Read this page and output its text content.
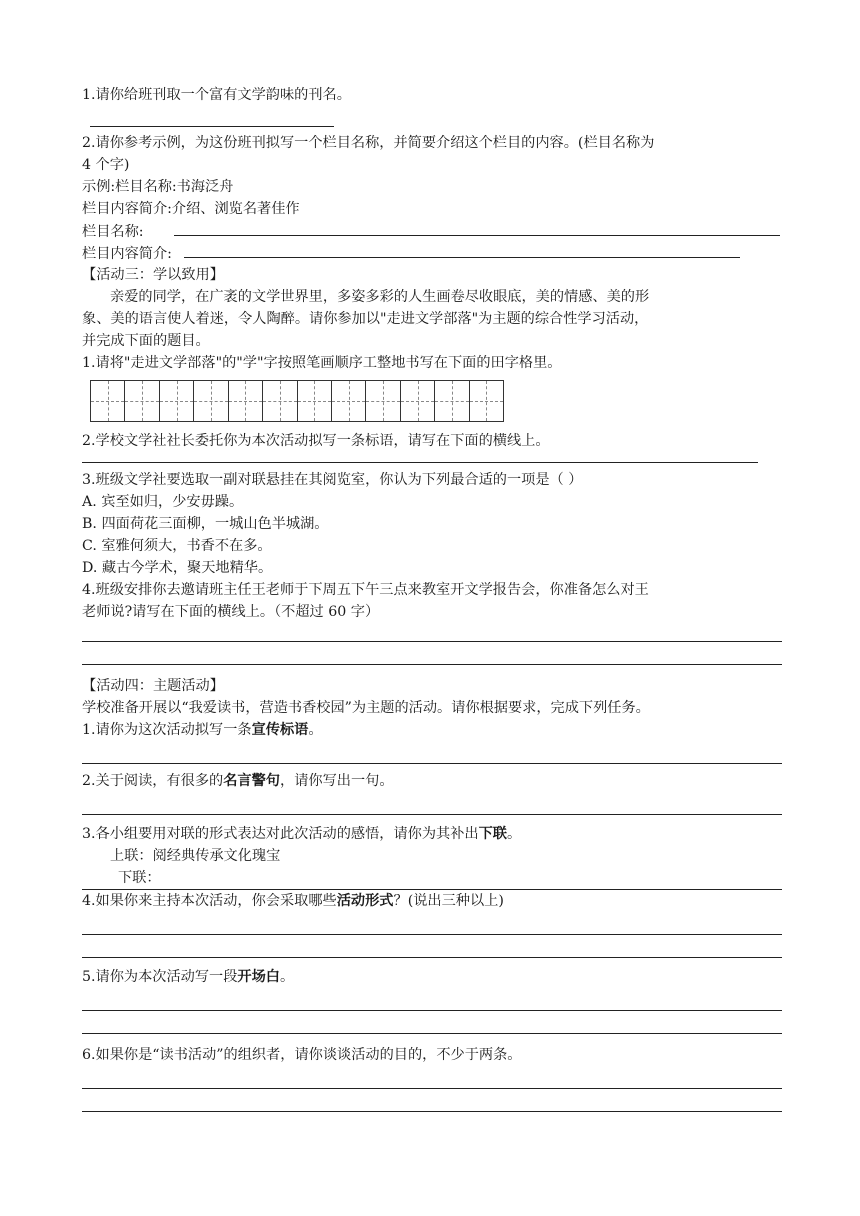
1.请你给班刊取一个富有文学韵味的刊名。
2.请你参考示例，为这份班刊拟写一个栏目名称，并简要介绍这个栏目的内容。(栏目名称为
4 个字)
示例:栏目名称:书海泛舟
栏目内容简介:介绍、浏览名著佳作
栏目名称:
栏目内容简介:
【活动三：学以致用】
亲爱的同学，在广袤的文学世界里，多姿多彩的人生画卷尽收眼底，美的情感、美的形
象、美的语言使人着迷，令人陶醉。请你参加以"走进文学部落"为主题的综合性学习活动，
并完成下面的题目。
1.请将"走进文学部落"的"学"字按照笔画顺序工整地书写在下面的田字格里。
2.学校文学社社长委托你为本次活动拟写一条标语，请写在下面的横线上。
3.班级文学社要选取一副对联悬挂在其阅览室，你认为下列最合适的一项是（ ）
A. 宾至如归，少安毋躁。
B. 四面荷花三面柳，一城山色半城湖。
C. 室雅何须大，书香不在多。
D. 藏古今学术，聚天地精华。
4.班级安排你去邀请班主任王老师于下周五下午三点来教室开文学报告会，你准备怎么对王
老师说?请写在下面的横线上。（不超过 60 字）
【活动四：主题活动】
学校准备开展以“我爱读书，营造书香校园”为主题的活动。请你根据要求，完成下列任务。
1.请你为这次活动拟写一条宣传标语。
2.关于阅读，有很多的名言警句，请你写出一句。
3.各小组要用对联的形式表达对此次活动的感悟，请你为其补出下联。
上联：阅经典传承文化瑰宝
下联：
4.如果你来主持本次活动，你会采取哪些活动形式？(说出三种以上)
5.请你为本次活动写一段开场白。
6.如果你是“读书活动”的组织者，请你谈谈活动的目的，不少于两条。
